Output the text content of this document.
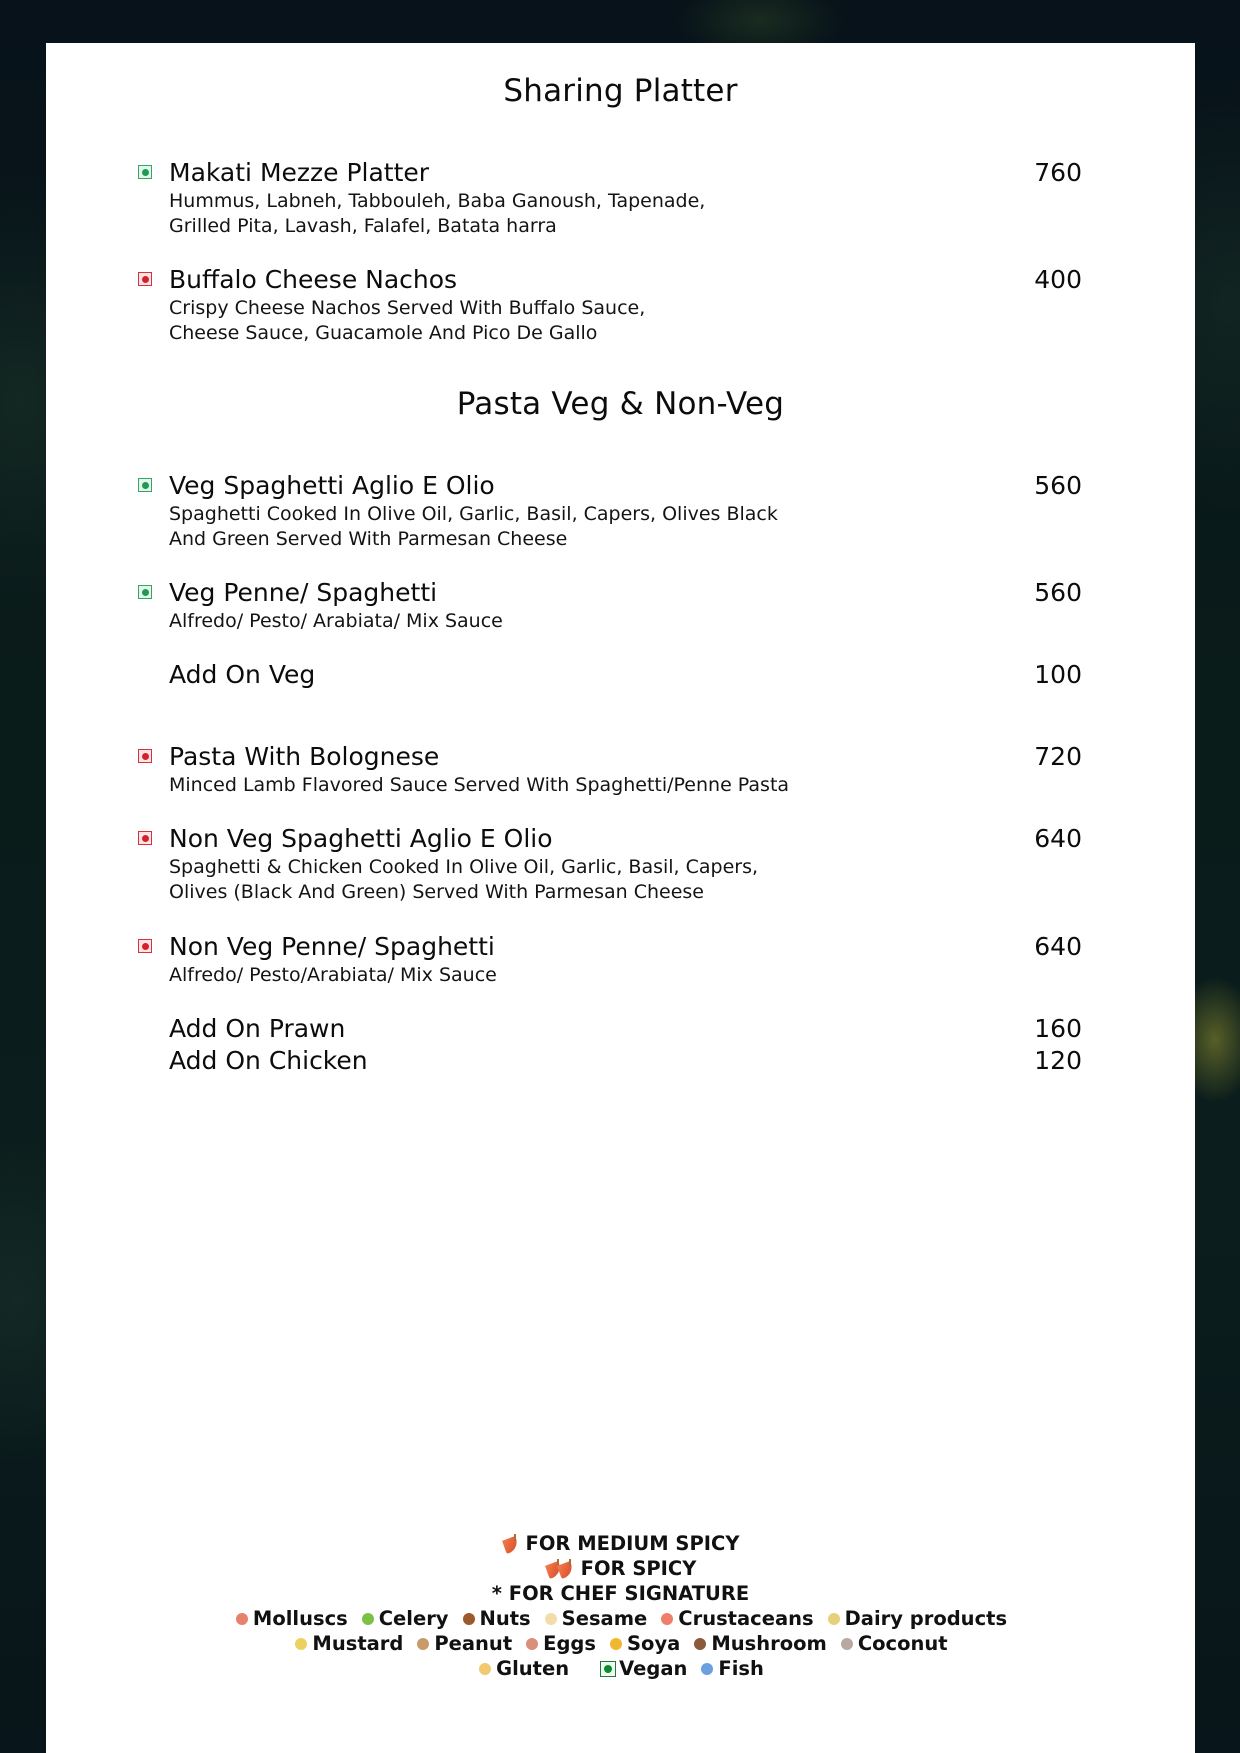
Sharing Platter
Makati Mezze Platter	760
Hummus, Labneh, Tabbouleh, Baba Ganoush, Tapenade,
Grilled Pita, Lavash, Falafel, Batata harra
Buffalo Cheese Nachos	400
Crispy Cheese Nachos Served With Buffalo Sauce,
Cheese Sauce, Guacamole And Pico De Gallo
Pasta Veg & Non-Veg
Veg Spaghetti Aglio E Olio	560
Spaghetti Cooked In Olive Oil, Garlic, Basil, Capers, Olives Black
And Green Served With Parmesan Cheese
Veg Penne/ Spaghetti	560
Alfredo/ Pesto/ Arabiata/ Mix Sauce
Add On Veg	100
Pasta With Bolognese	720
Minced Lamb Flavored Sauce Served With Spaghetti/Penne Pasta
Non Veg Spaghetti Aglio E Olio	640
Spaghetti & Chicken Cooked In Olive Oil, Garlic, Basil, Capers,
Olives (Black And Green) Served With Parmesan Cheese
Non Veg Penne/ Spaghetti	640
Alfredo/ Pesto/Arabiata/ Mix Sauce
Add On Prawn	160
Add On Chicken	120
FOR MEDIUM SPICY
FOR SPICY
* FOR CHEF SIGNATURE
Molluscs Celery Nuts Sesame Crustaceans Dairy products
Mustard Peanut Eggs Soya Mushroom Coconut
Gluten	Vegan Fish
